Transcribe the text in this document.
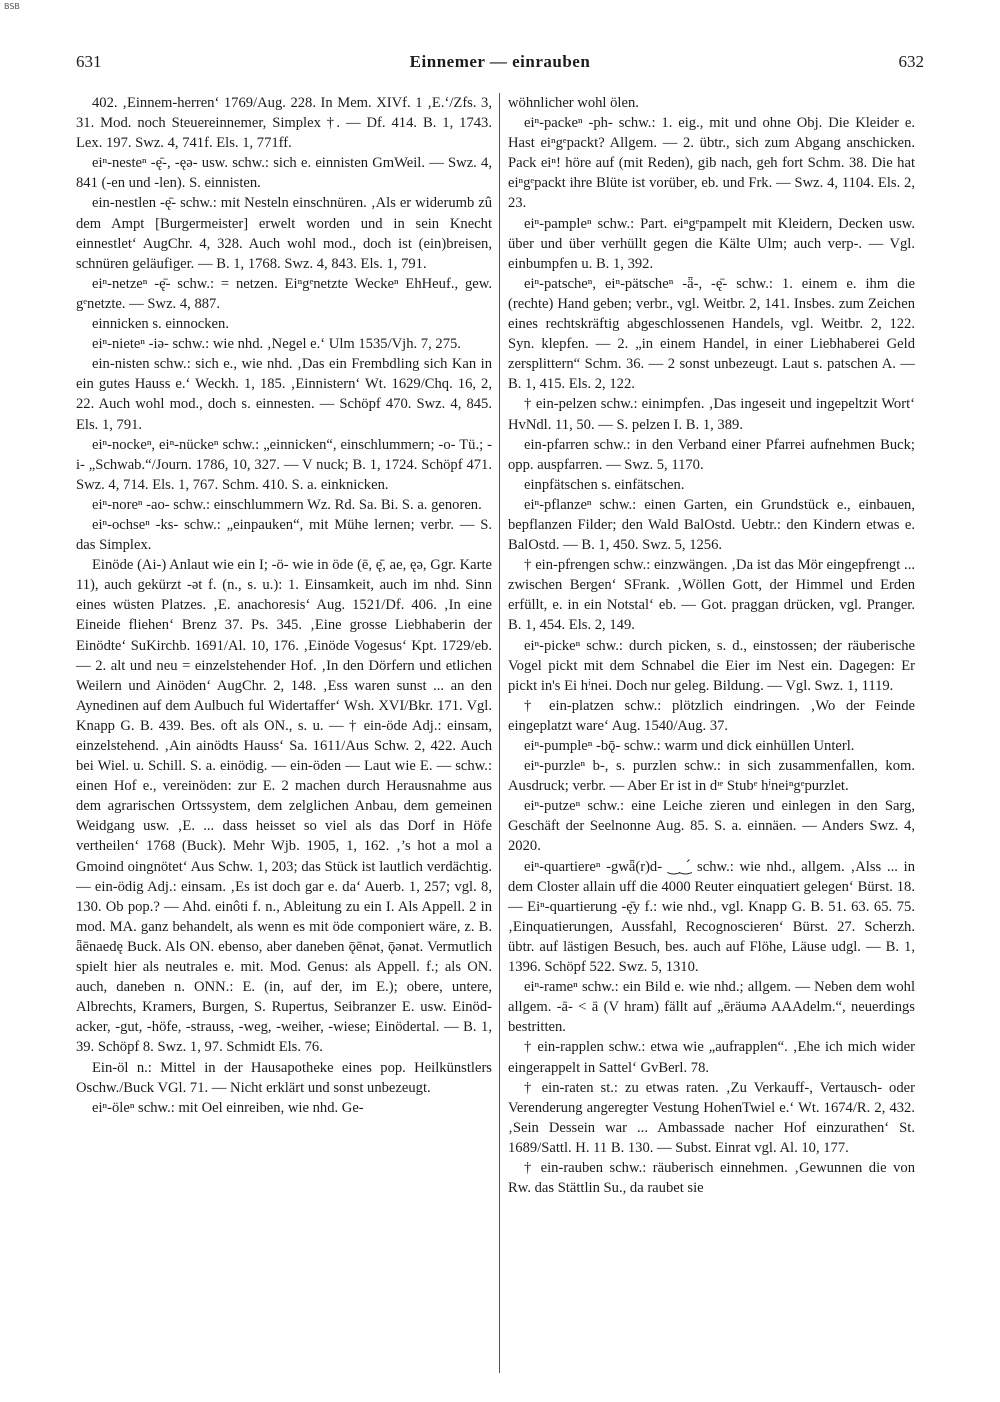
BSB
631	Einnemer — einrauben	632

402. ‚Einnem-herren‘ 1769/Aug. 228. In Mem. XIVf. 1 ‚E.‘/Zfs. 3, 31. Mod. noch Steuereinnemer, Simplex †. — Df. 414. B. 1, 1743. Lex. 197. Swz. 4, 741f. Els. 1, 771ff.

eiⁿ-nesteⁿ -ę̄-, -ęə- usw. schw.: sich e. einnisten GmWeil. — Swz. 4, 841 (-en und -len). S. einnisten.

ein-nestlen -ę̄- schw.: mit Nesteln einschnüren. ‚Als er widerumb zû dem Ampt [Burgermeister] erwelt worden und in sein Knecht einnestlet‘ AugChr. 4, 328. Auch wohl mod., doch ist (ein)breisen, schnüren geläufiger. — B. 1, 1768. Swz. 4, 843. Els. 1, 791.

eiⁿ-netzeⁿ -ę̄- schw.: = netzen. Eiⁿgᵉnetzte Weckeⁿ EhHeuf., gew. gᵉnetzte. — Swz. 4, 887.

einnicken s. einnocken.

eiⁿ-nieteⁿ -iə- schw.: wie nhd. ‚Negel e.‘ Ulm 1535/Vjh. 7, 275.

ein-nisten schw.: sich e., wie nhd. ‚Das ein Frembdling sich Kan in ein gutes Hauss e.‘ Weckh. 1, 185. ‚Einnistern‘ Wt. 1629/Chq. 16, 2, 22. Auch wohl mod., doch s. einnesten. — Schöpf 470. Swz. 4, 845. Els. 1, 791.

eiⁿ-nockeⁿ, eiⁿ-nückeⁿ schw.: „einnicken“, einschlummern; -o- Tü.; -i- „Schwab.“/Journ. 1786, 10, 327. — V nuck; B. 1, 1724. Schöpf 471. Swz. 4, 714. Els. 1, 767. Schm. 410. S. a. einknicken.

eiⁿ-noreⁿ -ao- schw.: einschlummern Wz. Rd. Sa. Bi. S. a. genoren.

eiⁿ-ochseⁿ -ks- schw.: „einpauken“, mit Mühe lernen; verbr. — S. das Simplex.

Einöde (Ai-) Anlaut wie ein I; -ö- wie in öde (ē, ę̄, ae, ęə, Ggr. Karte 11), auch gekürzt -ət f. (n., s. u.): 1. Einsamkeit, auch im nhd. Sinn eines wüsten Platzes. ‚E. anachoresis‘ Aug. 1521/Df. 406. ‚In eine Eineide fliehen‘ Brenz 37. Ps. 345. ‚Eine grosse Liebhaberin der Einödte‘ SuKirchb. 1691/Al. 10, 176. ‚Einöde Vogesus‘ Kpt. 1729/eb. — 2. alt und neu = einzelstehender Hof. ‚In den Dörfern und etlichen Weilern und Ainöden‘ AugChr. 2, 148. ‚Ess waren sunst ... an den Aynedinen auf dem Aulbuch ful Widertaffer‘ Wsh. XVI/Bkr. 171. Vgl. Knapp G. B. 439. Bes. oft als ON., s. u. — † ein-öde Adj.: einsam, einzelstehend. ‚Ain ainödts Hauss‘ Sa. 1611/Aus Schw. 2, 422. Auch bei Wiel. u. Schill. S. a. einödig. — ein-öden — Laut wie E. — schw.: einen Hof e., vereinöden: zur E. 2 machen durch Herausnahme aus dem agrarischen Ortssystem, dem zelglichen Anbau, dem gemeinen Weidgang usw. ‚E. ... dass heisset so viel als das Dorf in Höfe vertheilen‘ 1768 (Buck). Mehr Wjb. 1905, 1, 162. ‚’s hot a mol a Gmoind oingnötet‘ Aus Schw. 1, 203; das Stück ist lautlich verdächtig. — ein-ödig Adj.: einsam. ‚Es ist doch gar e. da‘ Auerb. 1, 257; vgl. 8, 130. Ob pop.? — Ahd. einôti f. n., Ableitung zu ein I. Als Appell. 2 in mod. MA. ganz behandelt, als wenn es mit öde componiert wäre, z. B. ǟēnaedę Buck. Als ON. ebenso, aber daneben ǭēnət, ǭənət. Vermutlich spielt hier als neutrales e. mit. Mod. Genus: als Appell. f.; als ON. auch, daneben n. ONN.: E. (in, auf der, im E.); obere, untere, Albrechts, Kramers, Burgen, S. Rupertus, Seibranzer E. usw. Einöd-acker, -gut, -höfe, -strauss, -weg, -weiher, -wiese; Einödertal. — B. 1, 39. Schöpf 8. Swz. 1, 97. Schmidt Els. 76.

Ein-öl n.: Mittel in der Hausapotheke eines pop. Heilkünstlers Oschw./Buck VGl. 71. — Nicht erklärt und sonst unbezeugt.

eiⁿ-öleⁿ schw.: mit Oel einreiben, wie nhd. Ge-

wöhnlicher wohl ölen.

eiⁿ-packeⁿ -ph- schw.: 1. eig., mit und ohne Obj. Die Kleider e. Hast eiⁿgᵉpackt? Allgem. — 2. übtr., sich zum Abgang anschicken. Pack eiⁿ! höre auf (mit Reden), gib nach, geh fort Schm. 38. Die hat eiⁿgᵉpackt ihre Blüte ist vorüber, eb. und Frk. — Swz. 4, 1104. Els. 2, 23.

eiⁿ-pampleⁿ schw.: Part. eiⁿgᵉpampelt mit Kleidern, Decken usw. über und über verhüllt gegen die Kälte Ulm; auch verp-. — Vgl. einbumpfen u. B. 1, 392.

eiⁿ-patscheⁿ, eiⁿ-pätscheⁿ -ǟ-, -ę̄- schw.: 1. einem e. ihm die (rechte) Hand geben; verbr., vgl. Weitbr. 2, 141. Insbes. zum Zeichen eines rechtskräftig abgeschlossenen Handels, vgl. Weitbr. 2, 122. Syn. klepfen. — 2. „in einem Handel, in einer Liebhaberei Geld zersplittern“ Schm. 36. — 2 sonst unbezeugt. Laut s. patschen A. — B. 1, 415. Els. 2, 122.

† ein-pelzen schw.: einimpfen. ‚Das ingeseit und ingepeltzit Wort‘ HvNdl. 11, 50. — S. pelzen I. B. 1, 389.

ein-pfarren schw.: in den Verband einer Pfarrei aufnehmen Buck; opp. auspfarren. — Swz. 5, 1170.

einpfätschen s. einfätschen.

eiⁿ-pflanzeⁿ schw.: einen Garten, ein Grundstück e., einbauen, bepflanzen Filder; den Wald BalOstd. Uebtr.: den Kindern etwas e. BalOstd. — B. 1, 450. Swz. 5, 1256.

† ein-pfrengen schw.: einzwängen. ‚Da ist das Mör eingepfrengt ... zwischen Bergen‘ SFrank. ‚Wöllen Gott, der Himmel und Erden erfüllt, e. in ein Notstal‘ eb. — Got. praggan drücken, vgl. Pranger. B. 1, 454. Els. 2, 149.

eiⁿ-pickeⁿ schw.: durch picken, s. d., einstossen; der räuberische Vogel pickt mit dem Schnabel die Eier im Nest ein. Dagegen: Er pickt in's Ei hⁱnei. Doch nur geleg. Bildung. — Vgl. Swz. 1, 1119.

† ein-platzen schw.: plötzlich eindringen. ‚Wo der Feinde eingeplatzt ware‘ Aug. 1540/Aug. 37.

eiⁿ-pumpleⁿ -bǭ- schw.: warm und dick einhüllen Unterl.

eiⁿ-purzleⁿ b-, s. purzlen schw.: in sich zusammenfallen, kom. Ausdruck; verbr. — Aber Er ist in dᶦᵉ Stubᵉ hⁱneiⁿgᵉpurzlet.

eiⁿ-putzeⁿ schw.: eine Leiche zieren und einlegen in den Sarg, Geschäft der Seelnonne Aug. 85. S. a. einnäen. — Anders Swz. 4, 2020.

eiⁿ-quartiereⁿ -gwǟ(r)d- ‿‿́ schw.: wie nhd., allgem. ‚Alss ... in dem Closter allain uff die 4000 Reuter einquatiert gelegen‘ Bürst. 18. — Eiⁿ-quartierung -ę̄y f.: wie nhd., vgl. Knapp G. B. 51. 63. 65. 75. ‚Einquatierungen, Aussfahl, Recognoscieren‘ Bürst. 27. Scherzh. übtr. auf lästigen Besuch, bes. auch auf Flöhe, Läuse udgl. — B. 1, 1396. Schöpf 522. Swz. 5, 1310.

eiⁿ-rameⁿ schw.: ein Bild e. wie nhd.; allgem. — Neben dem wohl allgem. -ā- < ā (V hram) fällt auf „ēräumə AAAdelm.“, neuerdings bestritten.

† ein-rapplen schw.: etwa wie „aufrapplen“. ‚Ehe ich mich wider eingerappelt in Sattel‘ GvBerl. 78.

† ein-raten st.: zu etwas raten. ‚Zu Verkauff-, Vertausch- oder Verenderung angeregter Vestung HohenTwiel e.‘ Wt. 1674/R. 2, 432. ‚Sein Dessein war ... Ambassade nacher Hof einzurathen‘ St. 1689/Sattl. H. 11 B. 130. — Subst. Einrat vgl. Al. 10, 177.

† ein-rauben schw.: räuberisch einnehmen. ‚Gewunnen die von Rw. das Stättlin Su., da raubet sie
